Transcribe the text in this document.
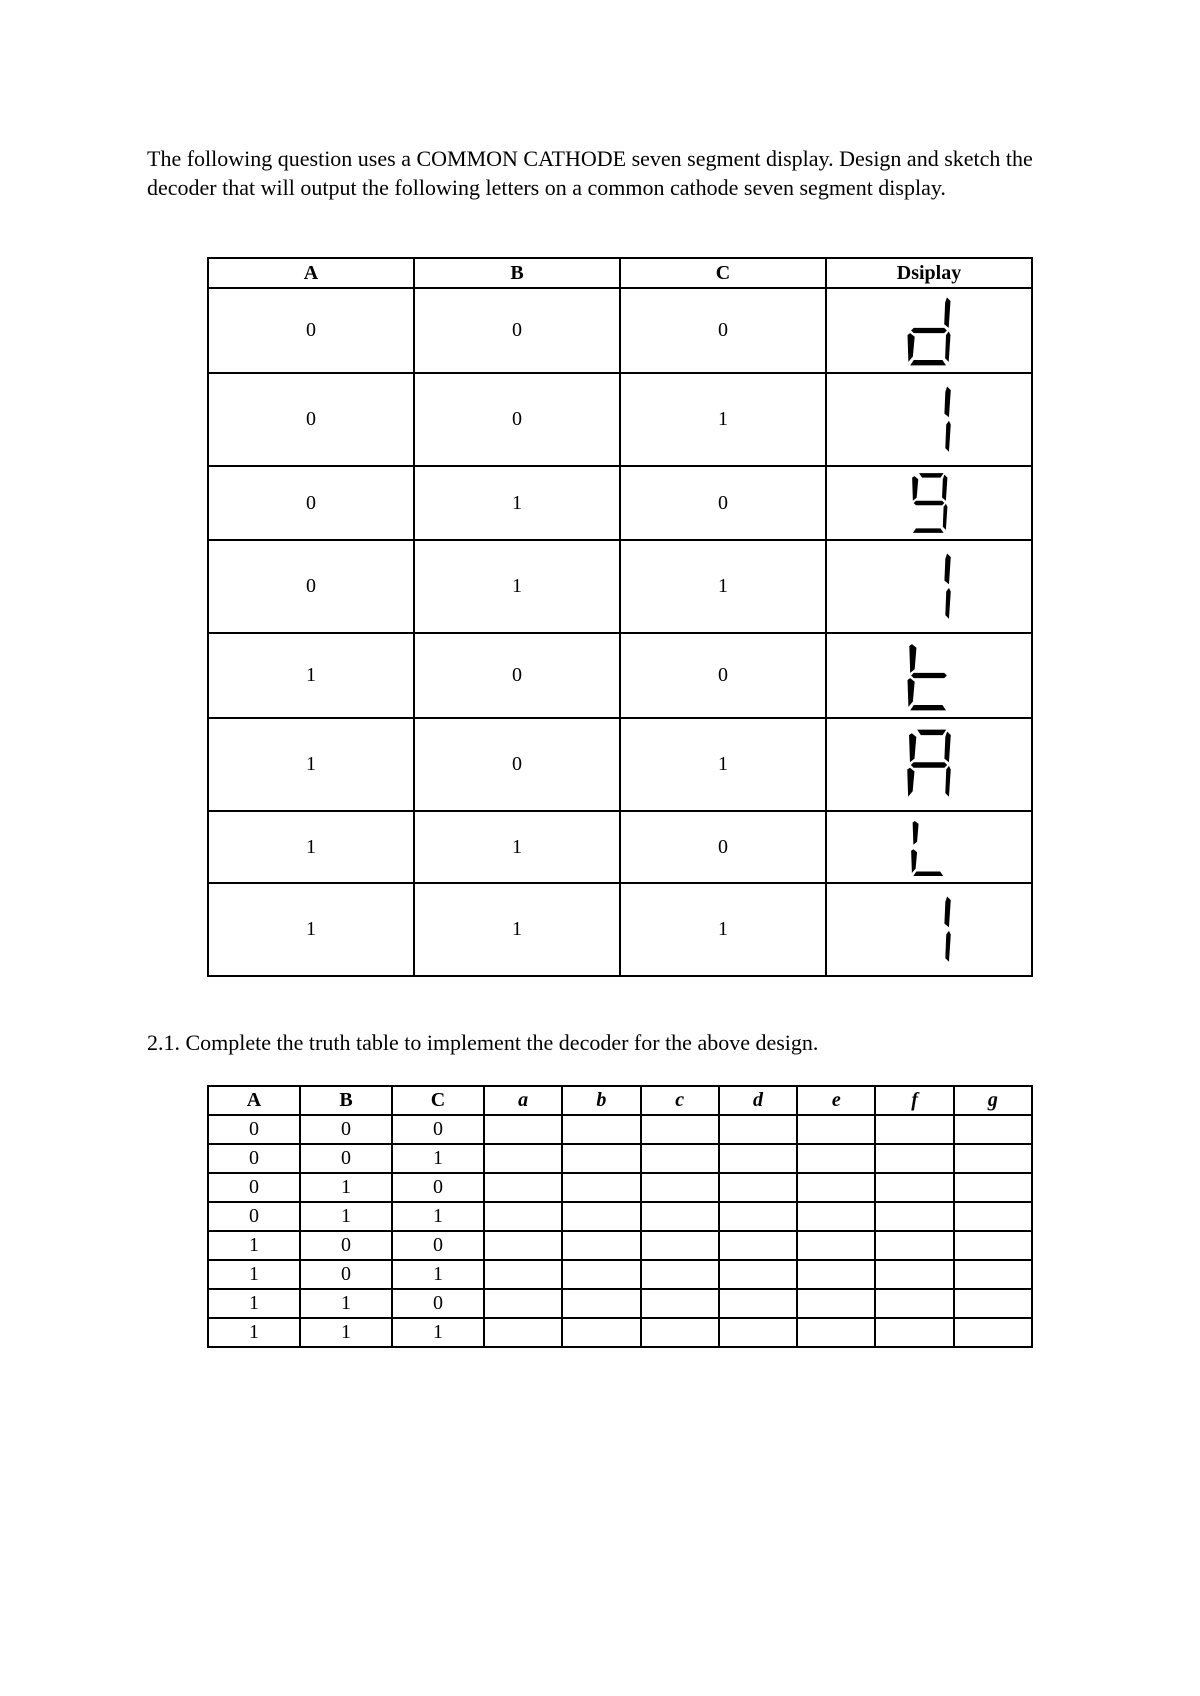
The following question uses a COMMON CATHODE seven segment display. Design and sketch the decoder that will output the following letters on a common cathode seven segment display.

A	B	C	Dsiplay
0	0	0	

0	0	1	

0	1	0	

0	1	1	

1	0	0	

1	0	1	

1	1	0	

1	1	1	

2.1. Complete the truth table to implement the decoder for the above design.

A	B	C	a	b	c	d	e	f	g
0	0	0							
0	0	1							
0	1	0							
0	1	1							
1	0	0							
1	0	1							
1	1	0							
1	1	1							
